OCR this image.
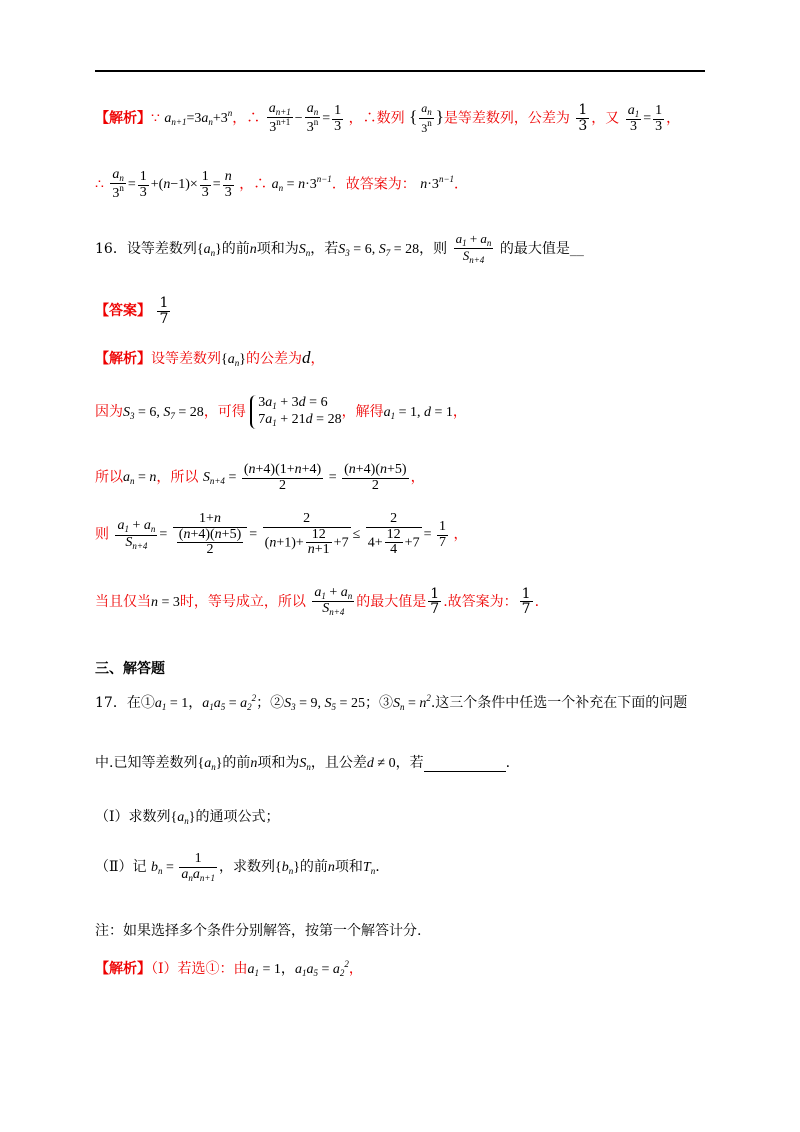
【解析】∵ $a_{n+1}=3a_n+3^n$，∴ $\frac{a_{n+1}}{3^{n+1}} - \frac{a_n}{3^n} = \frac{1}{3}$ ，∴数列 { $\frac{a_n}{3^n}$ }是等差数列，公差为 $\frac{1}{3}$ ，又 $\frac{a_1}{3} = \frac{1}{3}$ ，
∴ $\frac{a_n}{3^n} = \frac{1}{3} +(n-1)\times \frac{1}{3} = \frac{n}{3}$ ，∴ $a_n = n\cdot 3^{n-1}$．故答案为： $n\cdot 3^{n-1}$．
16．设等差数列$\{a_n\}$的前n项和为$S_n$，若$S_3 = 6$, $S_7 = 28$，则 $\frac{a_1 + a_n}{S_{n+4}}$ 的最大值是__
【答案】 $\frac{1}{7}$
【解析】设等差数列$\{a_n\}$的公差为d，
因为$S_3 = 6$, $S_7 = 28$，可得
$3a_1 + 3d = 6$
$7a_1 + 21d = 28$ ，解得$a_1 = 1$, d = 1，
所以$a_n = n$，所以 $S_{n+4} = \frac{(n+4)(1+n+4)}{2} = \frac{(n+4)(n+5)}{2}$ ，
则 $\frac{a_1 + a_n}{S_{n+4}} = \frac{1+n}{\frac{(n+4)(n+5)}{2}} = \frac{2}{(n+1)+ \frac{12}{n+1} +7} \le \frac{2}{4+ \frac{12}{4} +7} = \frac{1}{7}$ ，
当且仅当n = 3时，等号成立，所以 $\frac{a_1 + a_n}{S_{n+4}}$ 的最大值是 $\frac{1}{7}$ .故答案为： $\frac{1}{7}$ .
三、解答题
17．在$①a_1 = 1$，$a_1a_5 = a_2^2$；$②S_3 = 9$, $S_5 = 25$；$③S_n = n^2$.这三个条件中任选一个补充在下面的问题
中.已知等差数列$\{a_n\}$的前n项和为$S_n$，且公差d ≠ 0，若	.
（Ⅰ）求数列$\{a_n\}$的通项公式；
（Ⅱ）记 $b_n = \frac{1}{a_na_{n+1}}$ ，求数列$\{b_n\}$的前n项和$T_n$.
注：如果选择多个条件分别解答，按第一个解答计分.
【解析】（Ⅰ）若选①：由$a_1 = 1$，$a_1a_5 = a_2^2$，
